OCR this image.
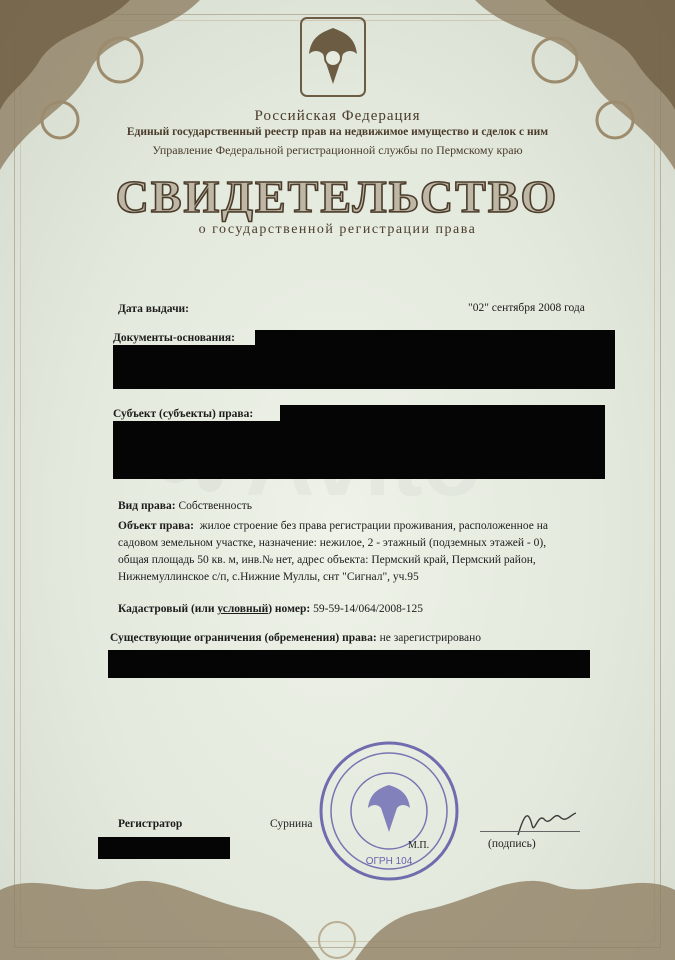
Российская Федерация
Единый государственный реестр прав на недвижимое имущество и сделок с ним
Управление Федеральной регистрационной службы по Пермскому краю
СВИДЕТЕЛЬСТВО
о государственной регистрации права
Дата выдачи:	"02" сентября 2008 года
Документы-основания:
Субъект (субъекты) права:
Вид права: Собственность
Объект права: жилое строение без права регистрации проживания, расположенное на
садовом земельном участке, назначение: нежилое, 2 - этажный (подземных этажей - 0),
общая площадь 50 кв. м, инв.№ нет, адрес объекта: Пермский край, Пермский район,
Нижнемуллинское с/п, с.Нижние Муллы, снт "Сигнал", уч.95
Кадастровый (или условный) номер: 59-59-14/064/2008-125
Существующие ограничения (обременения) права: не зарегистрировано
ОГРН 104
Регистратор	Сурнина
М.П.	(подпись)
